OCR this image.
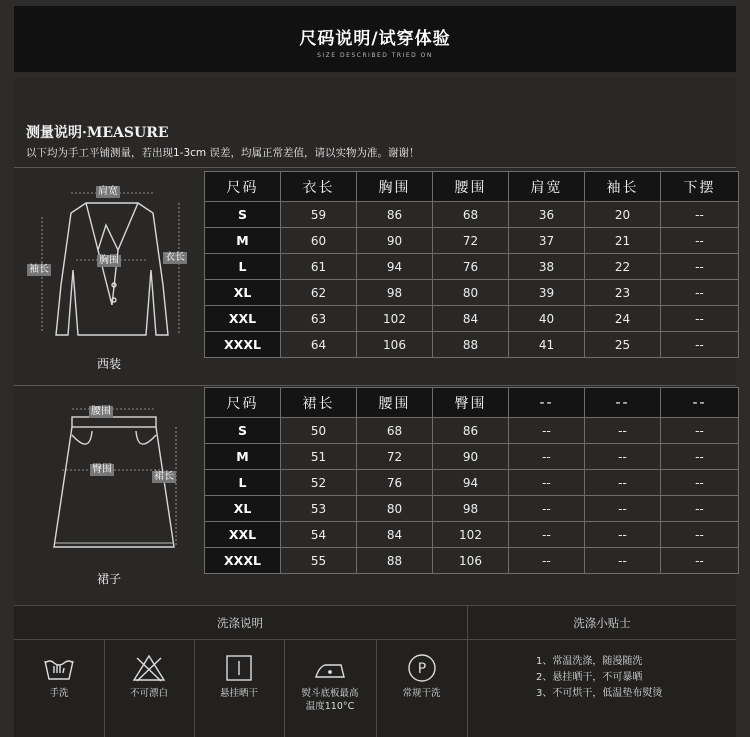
尺码说明/试穿体验
SIZE DESCRIBED TRIED ON
测量说明·MEASURE
以下均为手工平铺测量，若出现1-3cm 误差，均属正常差值，请以实物为准。谢谢！
肩宽
胸围
袖长
衣长
西装
尺码	衣长	胸围	腰围	肩宽	袖长	下摆
S	59	86	68	36	20	--
M	60	90	72	37	21	--
L	61	94	76	38	22	--
XL	62	98	80	39	23	--
XXL	63	102	84	40	24	--
XXXL	64	106	88	41	25	--
腰围
臀围
裙长
裙子
尺码	裙长	腰围	臀围	--	--	--
S	50	68	86	--	--	--
M	51	72	90	--	--	--
L	52	76	94	--	--	--
XL	53	80	98	--	--	--
XXL	54	84	102	--	--	--
XXXL	55	88	106	--	--	--
洗涤说明	洗涤小贴士
手洗	不可漂白	悬挂晒干	熨斗底板最高
温度110°C
P
常规干洗
1、常温洗涤，随漫随洗
2、悬挂晒干，不可暴晒
3、不可烘干，低温垫布熨烫
